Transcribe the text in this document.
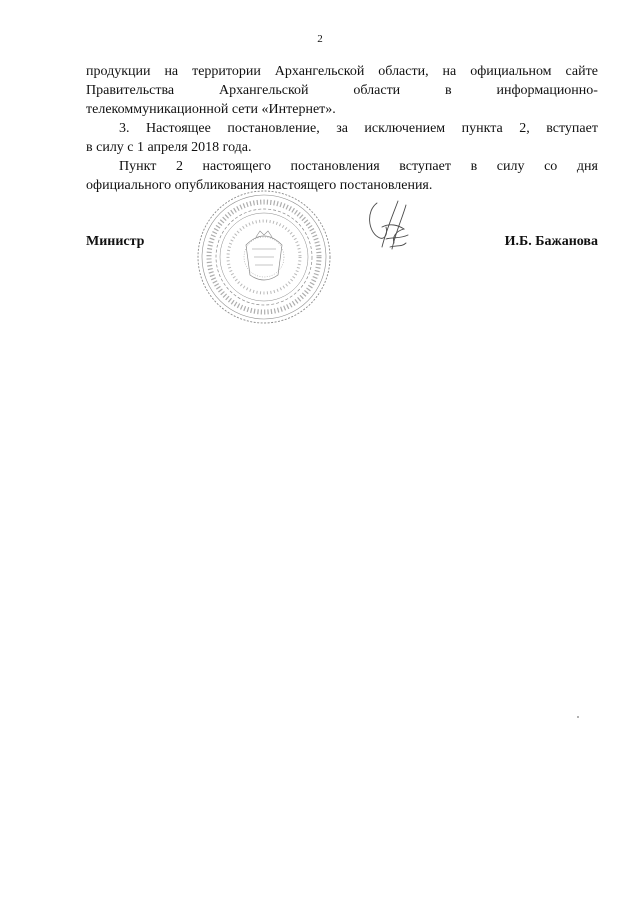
2
продукции на территории Архангельской области, на официальном сайте
Правительства	Архангельской	области	в	информационно-
телекоммуникационной сети «Интернет».
3. Настоящее постановление, за исключением пункта 2, вступает
в силу с 1 апреля 2018 года.
Пункт 2 настоящего постановления вступает в силу со дня
официального опубликования настоящего постановления.
Министр	И.Б. Бажанова
